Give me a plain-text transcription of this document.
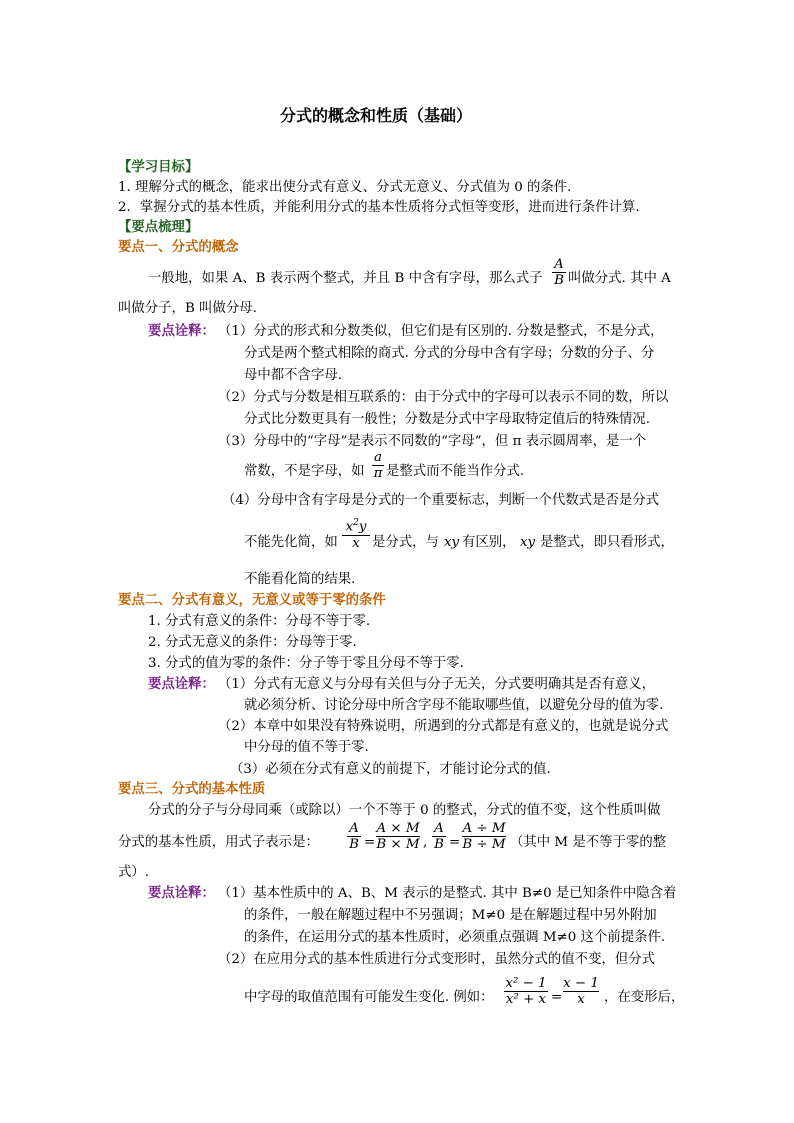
分式的概念和性质（基础）
【学习目标】
1. 理解分式的概念，能求出使分式有意义、分式无意义、分式值为 0 的条件.
2．掌握分式的基本性质，并能利用分式的基本性质将分式恒等变形，进而进行条件计算.
【要点梳理】
要点一、分式的概念
一般地，如果 A、B 表示两个整式，并且 B 中含有字母，那么式子
A
B 叫做分式. 其中 A
叫做分子，B 叫做分母.
要点诠释： （1）分式的形式和分数类似，但它们是有区别的. 分数是整式，不是分式，
分式是两个整式相除的商式. 分式的分母中含有字母；分数的分子、分
母中都不含字母.
（2）分式与分数是相互联系的：由于分式中的字母可以表示不同的数，所以
分式比分数更具有一般性；分数是分式中字母取特定值后的特殊情况.
（3）分母中的“字母”是表示不同数的“字母”，但 π 表示圆周率，是一个
常数，不是字母，如
a
π 是整式而不能当作分式.
（4）分母中含有字母是分式的一个重要标志，判断一个代数式是否是分式
不能先化简，如
$x^2y$
x 是分式，与 xy 有区别， xy 是整式，即只看形式，
不能看化简的结果.
要点二、分式有意义，无意义或等于零的条件
1. 分式有意义的条件：分母不等于零.
2. 分式无意义的条件：分母等于零.
3. 分式的值为零的条件：分子等于零且分母不等于零.
要点诠释： （1）分式有无意义与分母有关但与分子无关，分式要明确其是否有意义，
就必须分析、讨论分母中所含字母不能取哪些值，以避免分母的值为零.
（2）本章中如果没有特殊说明，所遇到的分式都是有意义的，也就是说分式
中分母的值不等于零.
（3）必须在分式有意义的前提下，才能讨论分式的值.
要点三、分式的基本性质
分式的分子与分母同乘（或除以）一个不等于 0 的整式，分式的值不变，这个性质叫做
分式的基本性质，用式子表示是：
A
B =
A × M
B × M ,
A
B =
A ÷ M
B ÷ M （其中 M 是不等于零的整
式）.
要点诠释： （1）基本性质中的 A、B、M 表示的是整式. 其中 B≠0 是已知条件中隐含着
的条件，一般在解题过程中不另强调；M≠0 是在解题过程中另外附加
的条件，在运用分式的基本性质时，必须重点强调 M≠0 这个前提条件.
（2）在应用分式的基本性质进行分式变形时，虽然分式的值不变，但分式
中字母的取值范围有可能发生变化. 例如：
x² − 1
x² + x =
x − 1
x	，在变形后，
